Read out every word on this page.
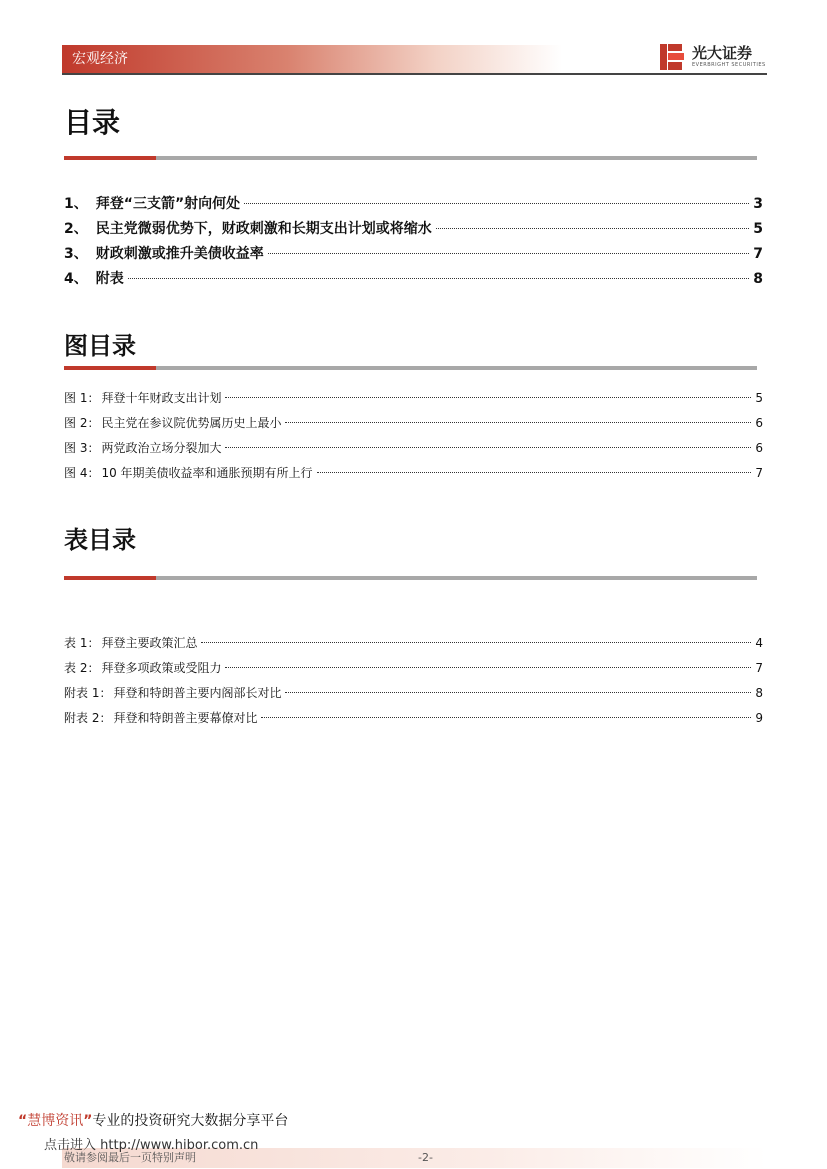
宏观经济	光大证券
EVERBRIGHT SECURITIES
目录
1、 拜登“三支箭”射向何处	3
2、 民主党微弱优势下，财政刺激和长期支出计划或将缩水	5
3、 财政刺激或推升美债收益率	7
4、 附表	8
图目录
图 1： 拜登十年财政支出计划	5
图 2： 民主党在参议院优势属历史上最小	6
图 3： 两党政治立场分裂加大	6
图 4： 10 年期美债收益率和通胀预期有所上行	7
表目录
表 1： 拜登主要政策汇总	4
表 2： 拜登多项政策或受阻力	7
附表 1： 拜登和特朗普主要内阁部长对比	8
附表 2： 拜登和特朗普主要幕僚对比	9
“慧博资讯”专业的投资研究大数据分享平台
点击进入 http://www.hibor.com.cn
敬请参阅最后一页特别声明	-2-
